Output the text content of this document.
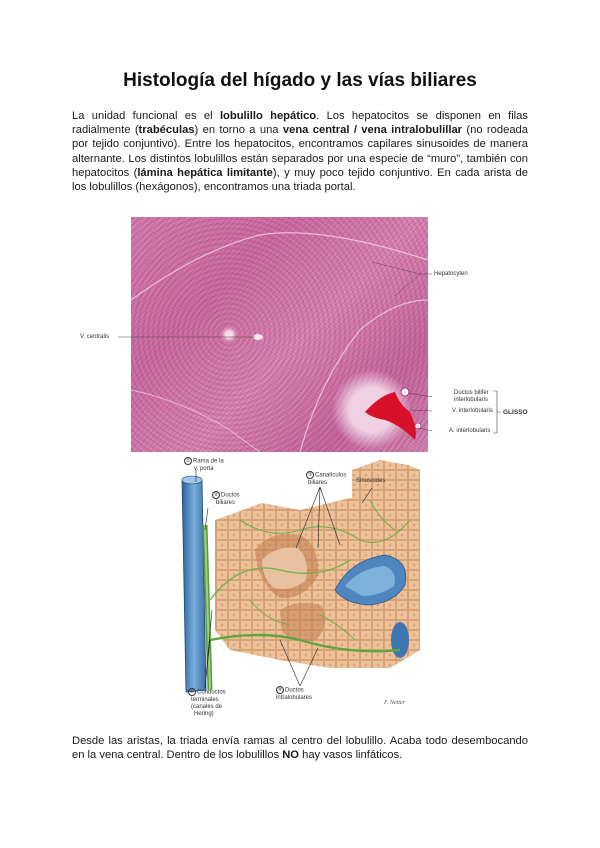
Histología del hígado y las vías biliares

La unidad funcional es el lobulillo hepático. Los hepatocitos se disponen en filas radialmente (trabéculas) en torno a una vena central / vena intralobulillar (no rodeada por tejido conjuntivo). Entre los hepatocitos, encontramos capilares sinusoides de manera alternante. Los distintos lobulillos están separados por una especie de “muro”, también con hepatocitos (lámina hepática limitante), y muy poco tejido conjuntivo. En cada arista de los lobulillos (hexágonos), encontramos una triada portal.

Hepatocyten
V. centralis
Ductus bilifer
interlobularis
V. interlobularis
A. interlobularis
GLISSO
① Rama de la
v. porta
② Ductos
biliares
③ Canalículos
biliares	Sinusoides
⑤ Conductos
terminales
(canales de
Hering)
④ Ductos
intralobulares
F. Netter

Desde las aristas, la triada envía ramas al centro del lobulillo. Acaba todo desembocando en la vena central. Dentro de los lobulillos NO hay vasos linfáticos.
